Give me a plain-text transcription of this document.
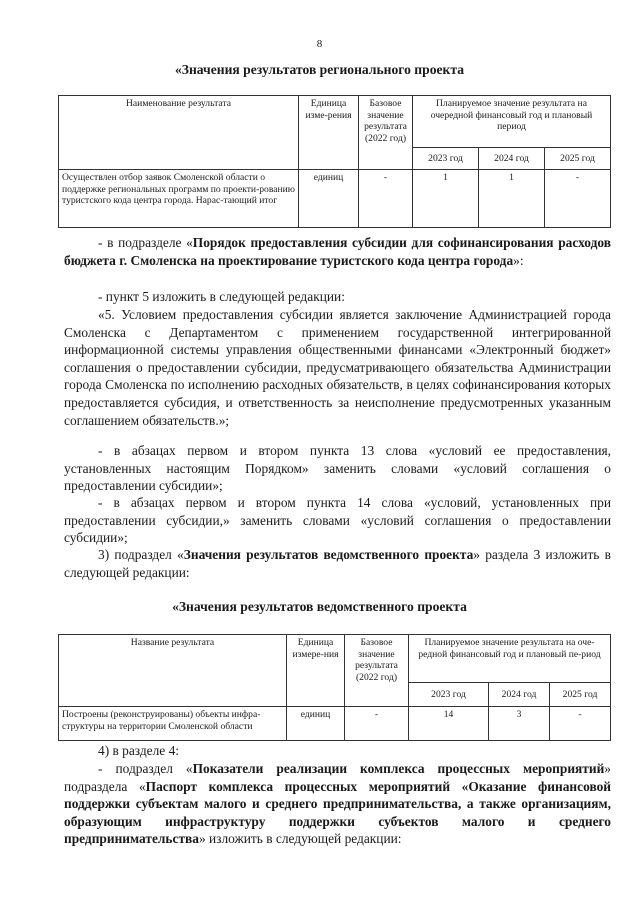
8
«Значения результатов регионального проекта
Наименование результата	Единица изме-рения	Базовое значение результата (2022 год)	Планируемое значение результата на очередной финансовый год и плановый период		
			2023 год	2024 год	2025 год
Осуществлен отбор заявок Смоленской области о поддержке региональных программ по проекти-рованию туристского кода центра города. Нарас-тающий итог	единиц	-	1	1	-
- в подразделе «Порядок предоставления субсидии для софинансирования расходов бюджета г. Смоленска на проектирование туристского кода центра города»:
- пункт 5 изложить в следующей редакции:
«5. Условием предоставления субсидии является заключение Администрацией города Смоленска с Департаментом с применением государственной интегрированной информационной системы управления общественными финансами «Электронный бюджет» соглашения о предоставлении субсидии, предусматривающего обязательства Администрации города Смоленска по исполнению расходных обязательств, в целях софинансирования которых предоставляется субсидия, и ответственность за неисполнение предусмотренных указанным соглашением обязательств.»;
- в абзацах первом и втором пункта 13 слова «условий ее предоставления, установленных настоящим Порядком» заменить словами «условий соглашения о предоставлении субсидии»;
- в абзацах первом и втором пункта 14 слова «условий, установленных при предоставлении субсидии,» заменить словами «условий соглашения о предоставлении субсидии»;
3) подраздел «Значения результатов ведомственного проекта» раздела 3 изложить в следующей редакции:
«Значения результатов ведомственного проекта
Название результата	Единица измере-ния	Базовое значение результата (2022 год)	Планируемое значение результата на оче-редной финансовый год и плановый пе-риод		
			2023 год	2024 год	2025 год
Построены (реконструированы) объекты инфра-структуры на территории Смоленской области	единиц	-	14	3	-
4) в разделе 4:
- подраздел «Показатели реализации комплекса процессных мероприятий» подраздела «Паспорт комплекса процессных мероприятий «Оказание финансовой поддержки субъектам малого и среднего предпринимательства, а также организациям, образующим инфраструктуру поддержки субъектов малого и среднего предпринимательства» изложить в следующей редакции:
